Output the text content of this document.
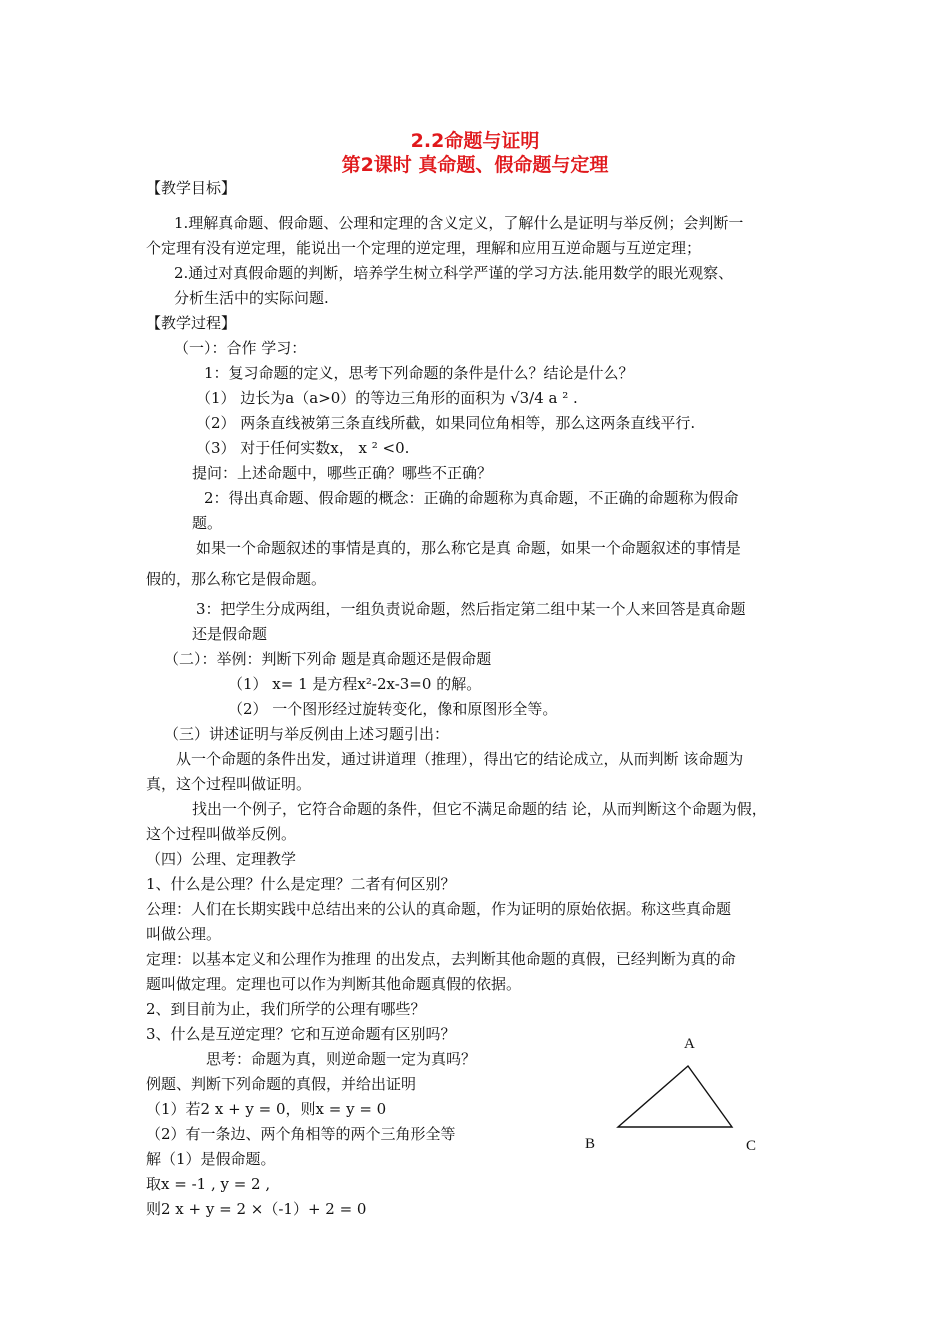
2.2命题与证明
第2课时 真命题、假命题与定理
【教学目标】
1.理解真命题、假命题、公理和定理的含义定义，了解什么是证明与举反例；会判断一
个定理有没有逆定理，能说出一个定理的逆定理，理解和应用互逆命题与互逆定理；
2.通过对真假命题的判断，培养学生树立科学严谨的学习方法.能用数学的眼光观察、
分析生活中的实际问题.
【教学过程】
（一）：合作 学习：
1：复习命题的定义，思考下列命题的条件是什么？结论是什么？
（1） 边长为a（a>0）的等边三角形的面积为 √3/4 a ² .
（2） 两条直线被第三条直线所截，如果同位角相等，那么这两条直线平行.
（3） 对于任何实数x， x ² <0.
提问：上述命题中，哪些正确？哪些不正确？
2：得出真命题、假命题的概念：正确的命题称为真命题，不正确的命题称为假命
题。
如果一个命题叙述的事情是真的，那么称它是真 命题，如果一个命题叙述的事情是
假的，那么称它是假命题。
3：把学生分成两组，一组负责说命题，然后指定第二组中某一个人来回答是真命题
还是假命题
（二）：举例：判断下列命 题是真命题还是假命题
（1） x= 1 是方程x²-2x-3=0 的解。
（2） 一个图形经过旋转变化，像和原图形全等。
（三）讲述证明与举反例由上述习题引出：
从一个命题的条件出发，通过讲道理（推理），得出它的结论成立，从而判断 该命题为
真，这个过程叫做证明。
找出一个例子，它符合命题的条件，但它不满足命题的结 论，从而判断这个命题为假，
这个过程叫做举反例。
（四）公理、定理教学
1、什么是公理？什么是定理？二者有何区别？
公理：人们在长期实践中总结出来的公认的真命题，作为证明的原始依据。称这些真命题
叫做公理。
定理：以基本定义和公理作为推理 的出发点，去判断其他命题的真假，已经判断为真的命
题叫做定理。定理也可以作为判断其他命题真假的依据。
2、到目前为止，我们所学的公理有哪些？
3、什么是互逆定理？它和互逆命题有区别吗？
思考：命题为真，则逆命题一定为真吗？
例题、判断下列命题的真假，并给出证明
（1）若2 x + y = 0，则x = y = 0
（2）有一条边、两个角相等的两个三角形全等
解（1）是假命题。
取x = -1 , y = 2 ,
则2 x + y = 2 ×（-1）+ 2 = 0
A
B	C
